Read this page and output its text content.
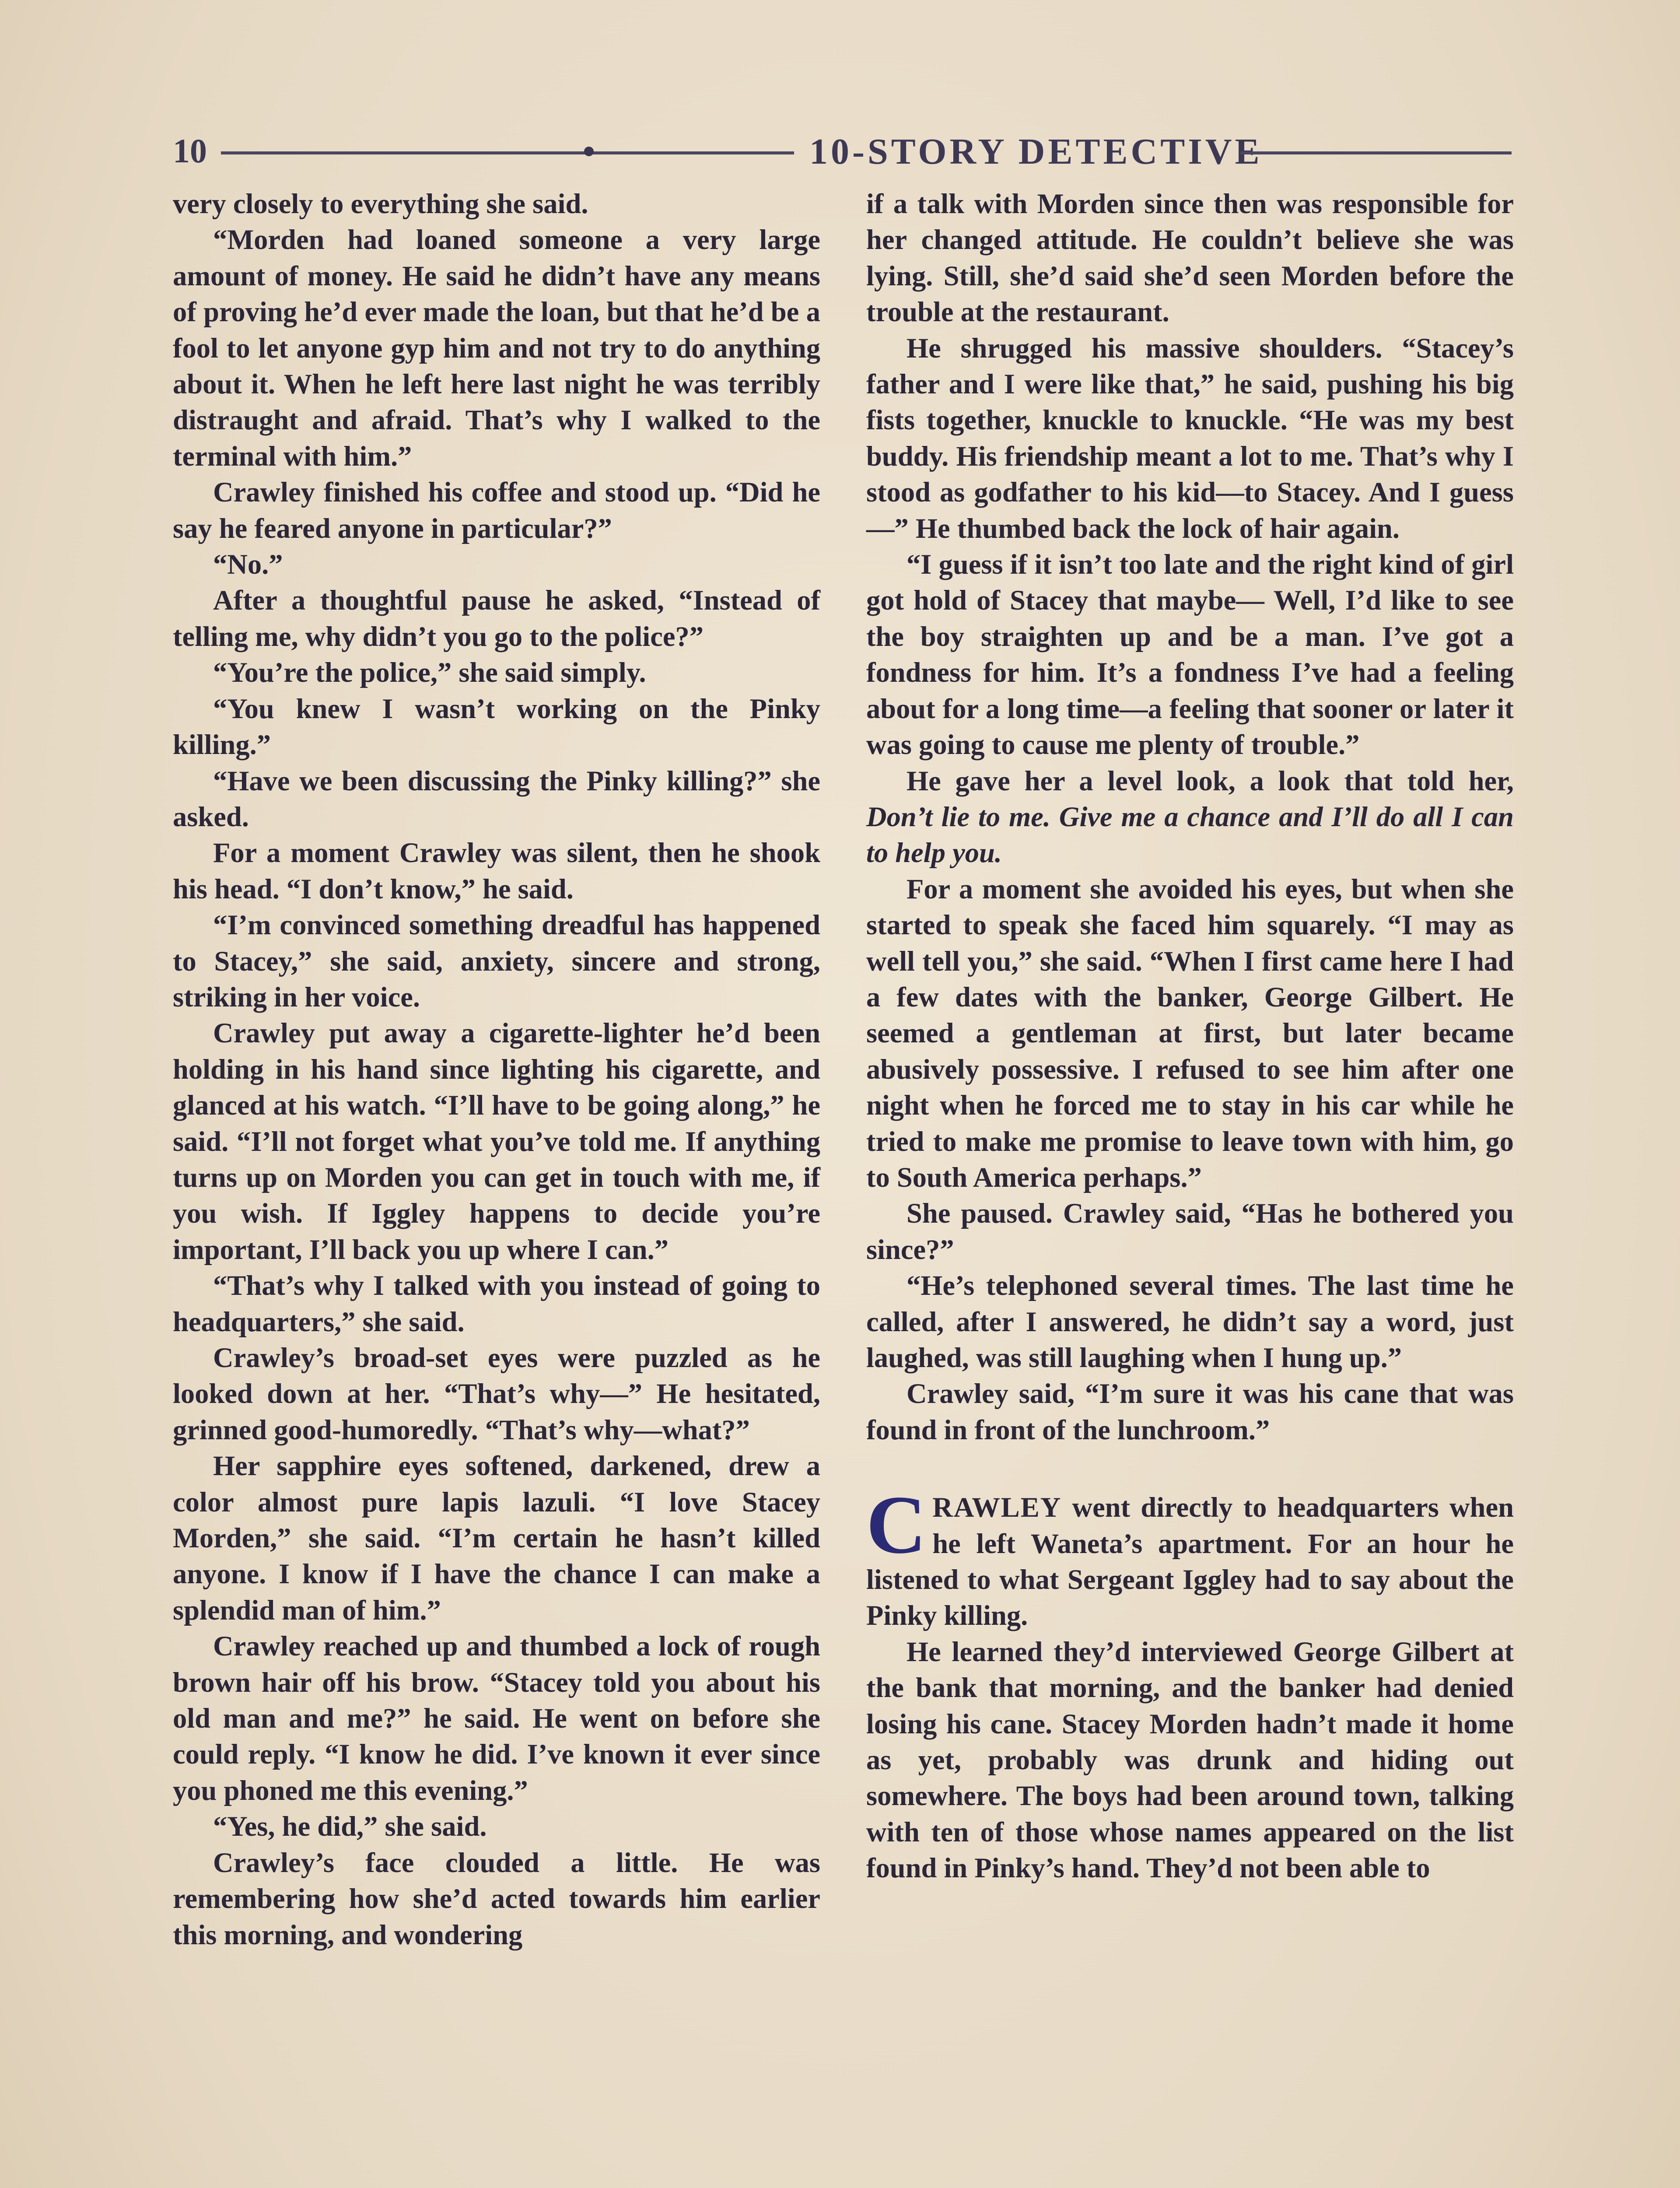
10	10-STORY DETECTIVE

very closely to everything she said.

“Morden had loaned someone a very large amount of money. He said he didn’t have any means of proving he’d ever made the loan, but that he’d be a fool to let anyone gyp him and not try to do anything about it. When he left here last night he was terribly distraught and afraid. That’s why I walked to the terminal with him.”

Crawley finished his coffee and stood up. “Did he say he feared anyone in particular?”

“No.”

After a thoughtful pause he asked, “Instead of telling me, why didn’t you go to the police?”

“You’re the police,” she said simply.

“You knew I wasn’t working on the Pinky killing.”

“Have we been discussing the Pinky killing?” she asked.

For a moment Crawley was silent, then he shook his head. “I don’t know,” he said.

“I’m convinced something dreadful has happened to Stacey,” she said, anxiety, sincere and strong, striking in her voice.

Crawley put away a cigarette-lighter he’d been holding in his hand since lighting his cigarette, and glanced at his watch. “I’ll have to be going along,” he said. “I’ll not forget what you’ve told me. If anything turns up on Morden you can get in touch with me, if you wish. If Iggley happens to decide you’re important, I’ll back you up where I can.”

“That’s why I talked with you instead of going to headquarters,” she said.

Crawley’s broad-set eyes were puzzled as he looked down at her. “That’s why—” He hesitated, grinned good-humoredly. “That’s why—what?”

Her sapphire eyes softened, darkened, drew a color almost pure lapis lazuli. “I love Stacey Morden,” she said. “I’m certain he hasn’t killed anyone. I know if I have the chance I can make a splendid man of him.”

Crawley reached up and thumbed a lock of rough brown hair off his brow. “Stacey told you about his old man and me?” he said. He went on before she could reply. “I know he did. I’ve known it ever since you phoned me this evening.”

“Yes, he did,” she said.

Crawley’s face clouded a little. He was remembering how she’d acted towards him earlier this morning, and wondering

if a talk with Morden since then was responsible for her changed attitude. He couldn’t believe she was lying. Still, she’d said she’d seen Morden before the trouble at the restaurant.

He shrugged his massive shoulders. “Stacey’s father and I were like that,” he said, pushing his big fists together, knuckle to knuckle. “He was my best buddy. His friendship meant a lot to me. That’s why I stood as godfather to his kid—to Stacey. And I guess—” He thumbed back the lock of hair again.

“I guess if it isn’t too late and the right kind of girl got hold of Stacey that maybe— Well, I’d like to see the boy straighten up and be a man. I’ve got a fondness for him. It’s a fondness I’ve had a feeling about for a long time—a feeling that sooner or later it was going to cause me plenty of trouble.”

He gave her a level look, a look that told her, Don’t lie to me. Give me a chance and I’ll do all I can to help you.

For a moment she avoided his eyes, but when she started to speak she faced him squarely. “I may as well tell you,” she said. “When I first came here I had a few dates with the banker, George Gilbert. He seemed a gentleman at first, but later became abusively possessive. I refused to see him after one night when he forced me to stay in his car while he tried to make me promise to leave town with him, go to South America perhaps.”

She paused. Crawley said, “Has he bothered you since?”

“He’s telephoned several times. The last time he called, after I answered, he didn’t say a word, just laughed, was still laughing when I hung up.”

Crawley said, “I’m sure it was his cane that was found in front of the lunchroom.”

CRAWLEY went directly to headquarters when he left Waneta’s apartment. For an hour he listened to what Sergeant Iggley had to say about the Pinky killing.

He learned they’d interviewed George Gilbert at the bank that morning, and the banker had denied losing his cane. Stacey Morden hadn’t made it home as yet, probably was drunk and hiding out somewhere. The boys had been around town, talking with ten of those whose names appeared on the list found in Pinky’s hand. They’d not been able to
